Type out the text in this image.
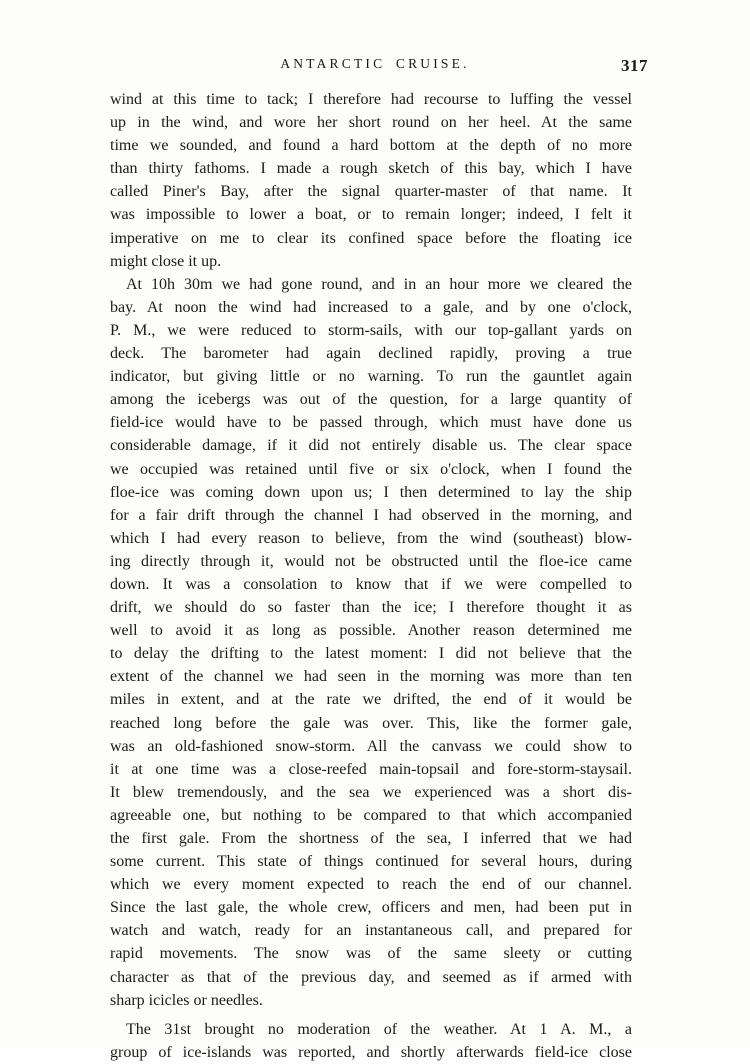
ANTARCTIC CRUISE.	317
wind at this time to tack; I therefore had recourse to luffing the vessel
up in the wind, and wore her short round on her heel. At the same
time we sounded, and found a hard bottom at the depth of no more
than thirty fathoms. I made a rough sketch of this bay, which I have
called Piner's Bay, after the signal quarter-master of that name. It
was impossible to lower a boat, or to remain longer; indeed, I felt it
imperative on me to clear its confined space before the floating ice
might close it up.
At 10h 30m we had gone round, and in an hour more we cleared the
bay. At noon the wind had increased to a gale, and by one o'clock,
P. M., we were reduced to storm-sails, with our top-gallant yards on
deck. The barometer had again declined rapidly, proving a true
indicator, but giving little or no warning. To run the gauntlet again
among the icebergs was out of the question, for a large quantity of
field-ice would have to be passed through, which must have done us
considerable damage, if it did not entirely disable us. The clear space
we occupied was retained until five or six o'clock, when I found the
floe-ice was coming down upon us; I then determined to lay the ship
for a fair drift through the channel I had observed in the morning, and
which I had every reason to believe, from the wind (southeast) blow-
ing directly through it, would not be obstructed until the floe-ice came
down. It was a consolation to know that if we were compelled to
drift, we should do so faster than the ice; I therefore thought it as
well to avoid it as long as possible. Another reason determined me
to delay the drifting to the latest moment: I did not believe that the
extent of the channel we had seen in the morning was more than ten
miles in extent, and at the rate we drifted, the end of it would be
reached long before the gale was over. This, like the former gale,
was an old-fashioned snow-storm. All the canvass we could show to
it at one time was a close-reefed main-topsail and fore-storm-staysail.
It blew tremendously, and the sea we experienced was a short dis-
agreeable one, but nothing to be compared to that which accompanied
the first gale. From the shortness of the sea, I inferred that we had
some current. This state of things continued for several hours, during
which we every moment expected to reach the end of our channel.
Since the last gale, the whole crew, officers and men, had been put in
watch and watch, ready for an instantaneous call, and prepared for
rapid movements. The snow was of the same sleety or cutting
character as that of the previous day, and seemed as if armed with
sharp icicles or needles.
The 31st brought no moderation of the weather. At 1 A. M., a
group of ice-islands was reported, and shortly afterwards field-ice close
